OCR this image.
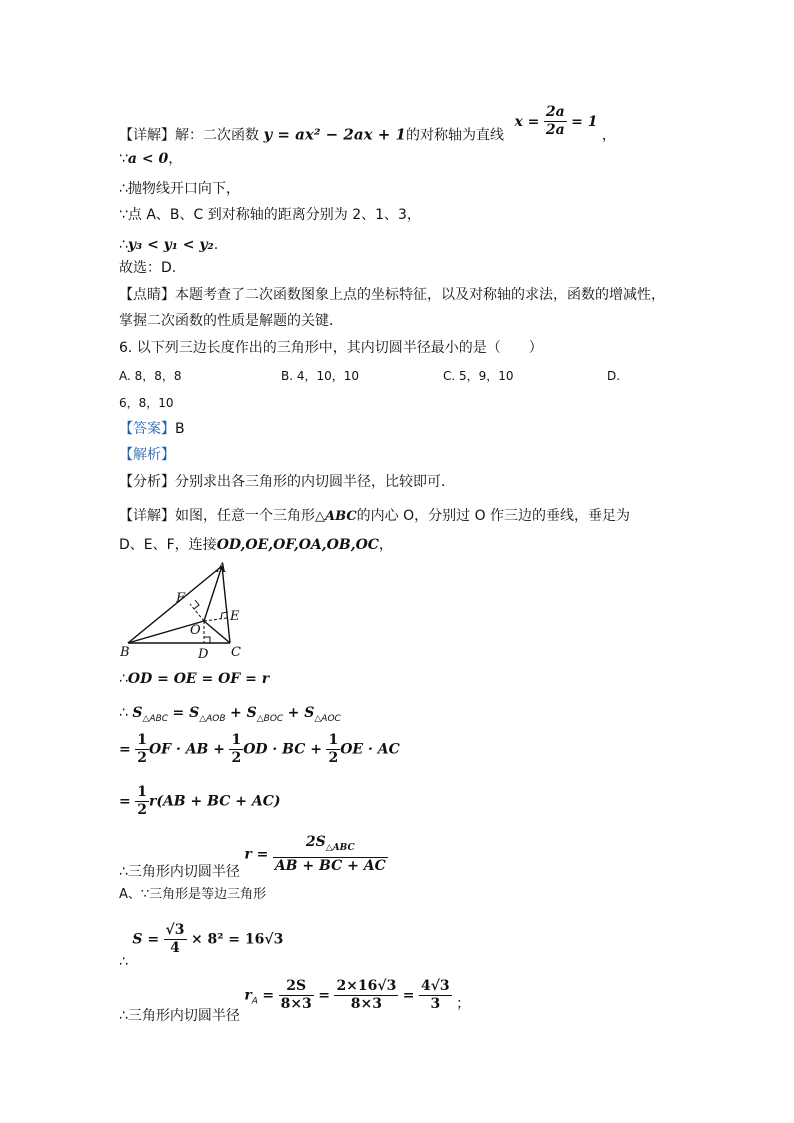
【详解】解：二次函数 y = ax² − 2ax + 1的对称轴为直线 $x = \frac{2a}{2a} = 1$ ，
∵a < 0，
∴抛物线开口向下，
∵点 A、B、C 到对称轴的距离分别为 2、1、3，
∴y₃ < y₁ < y₂.
故选：D.
【点睛】本题考查了二次函数图象上点的坐标特征，以及对称轴的求法，函数的增减性，
掌握二次函数的性质是解题的关键．
6. 以下列三边长度作出的三角形中，其内切圆半径最小的是（　　）
A. 8，8，8	B. 4，10，10	C. 5，9，10	D.
6，8，10
【答案】B
【解析】
【分析】分别求出各三角形的内切圆半径，比较即可．
【详解】如图，任意一个三角形△ABC的内心 O，分别过 O 作三边的垂线，垂足为
D、E、F，连接OD,OE,OF,OA,OB,OC，
A
B	C
D
E
F
O
∴OD = OE = OF = r
∴ $S_{\triangle ABC} = S_{\triangle AOB} + S_{\triangle BOC} + S_{\triangle AOC}$
= $\frac{1}{2}$ OF · AB + $\frac{1}{2}$ OD · BC + $\frac{1}{2}$ OE · AC
= $\frac{1}{2} r(AB$ + BC + AC)
∴三角形内切圆半径 $r = \frac{2S_{\triangle ABC}}{AB + BC + AC}$
A、∵三角形是等边三角形
∴ $S = \frac{√3}{4} \times 8^2 = 16√3$
∴三角形内切圆半径 $r_A = \frac{2S}{8\times 3} = \frac{2\times 16√3}{8\times 3} = \frac{4√3}{3}$ ；
